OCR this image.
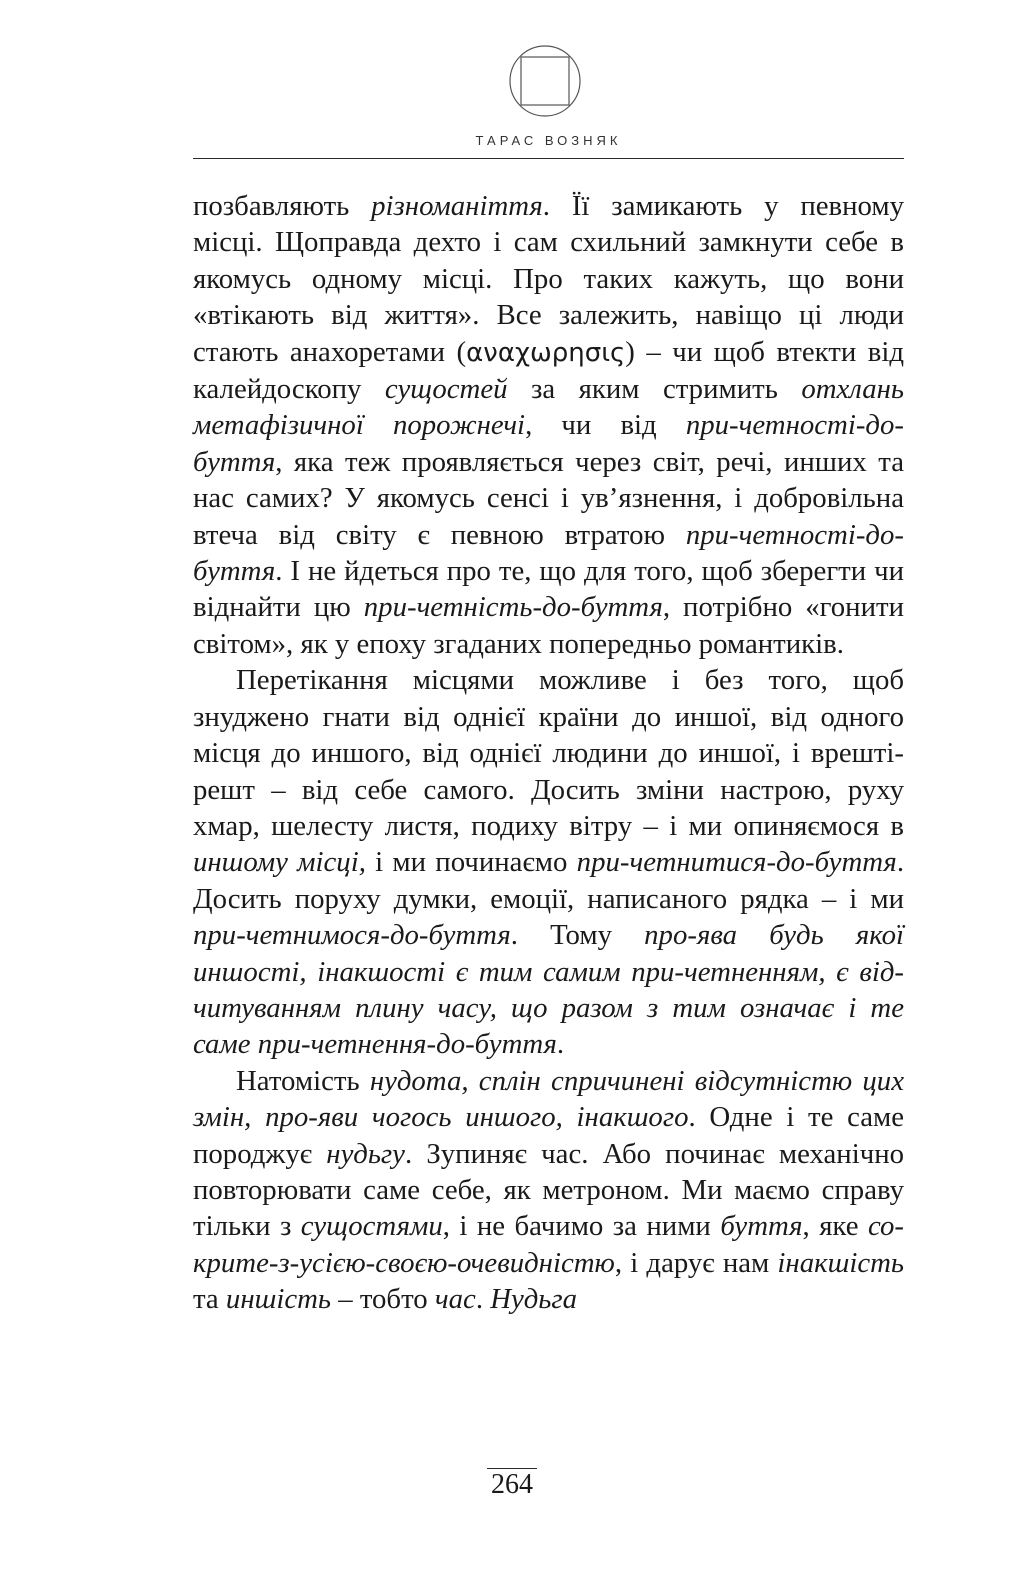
ТАРАС ВОЗНЯК

позбавляють різноманіття. Її замикають у певному місці. Щоправда дехто і сам схильний замкнути себе в якомусь одному місці. Про таких кажуть, що вони «втікають від життя». Все залежить, навіщо ці люди стають анахоретами (αναχωρησις) – чи щоб втекти від калейдоскопу сущостей за яким стримить отхлань метафізичної порожнечі, чи від при-четності-до-буття, яка теж проявляється через світ, речі, инших та нас самих? У якомусь сенсі і ув’язнення, і добровільна втеча від світу є певною втратою при-четності-до-буття. І не йдеться про те, що для того, щоб зберегти чи віднайти цю при-четність-до-буття, потрібно «гонити світом», як у епоху згаданих попередньо романтиків.

Перетікання місцями можливе і без того, щоб знуджено гнати від однієї країни до иншої, від одного місця до иншого, від однієї людини до иншої, і врешті-решт – від себе самого. Досить зміни настрою, руху хмар, шелесту листя, подиху вітру – і ми опиняємося в иншому місці, і ми починаємо при-четнитися-до-буття. Досить поруху думки, емоції, написаного рядка – і ми при-четнимося-до-буття. Тому про-ява будь якої иншості, інакшості є тим самим при-четненням, є від-читуванням плину часу, що разом з тим означає і те саме при-четнення-до-буття.

Натомість нудота, сплін спричинені відсутністю цих змін, про-яви чогось иншого, інакшого. Одне і те саме породжує нудьгу. Зупиняє час. Або починає механічно повторювати саме себе, як метроном. Ми маємо справу тільки з сущостями, і не бачимо за ними буття, яке со-крите-з-усією-своєю-очевидністю, і дарує нам інакшість та иншість – тобто час. Нудьга

264
